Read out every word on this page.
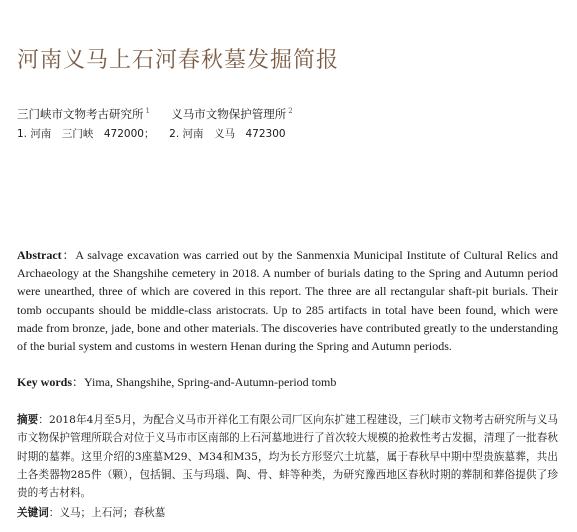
河南义马上石河春秋墓发掘简报
三门峡市文物考古研究所 $^1$ 义马市文物保护管理所 $^2$
1. 河南　三门峡　472000； 2. 河南　义马　472300
Abstract：A salvage excavation was carried out by the Sanmenxia Municipal Institute of Cultural Relics and Archaeology at the Shangshihe cemetery in 2018. A number of burials dating to the Spring and Autumn period were unearthed, three of which are covered in this report. The three are all rectangular shaft-pit burials. Their tomb occupants should be middle-class aristocrats. Up to 285 artifacts in total have been found, which were made from bronze, jade, bone and other materials. The discoveries have contributed greatly to the understanding of the burial system and customs in western Henan during the Spring and Autumn periods.
Key words：Yima, Shangshihe, Spring-and-Autumn-period tomb
摘要：2018年4月至5月，为配合义马市开祥化工有限公司厂区向东扩建工程建设，三门峡市文物考古研究所与义马市文物保护管理所联合对位于义马市市区南部的上石河墓地进行了首次较大规模的抢救性考古发掘，清理了一批春秋时期的墓葬。这里介绍的3座墓M29、M34和M35，均为长方形竖穴土坑墓，属于春秋早中期中型贵族墓葬，共出土各类器物285件（颗），包括铜、玉与玛瑙、陶、骨、蚌等种类，为研究豫西地区春秋时期的葬制和葬俗提供了珍贵的考古材料。
关键词：义马；上石河；春秋墓
